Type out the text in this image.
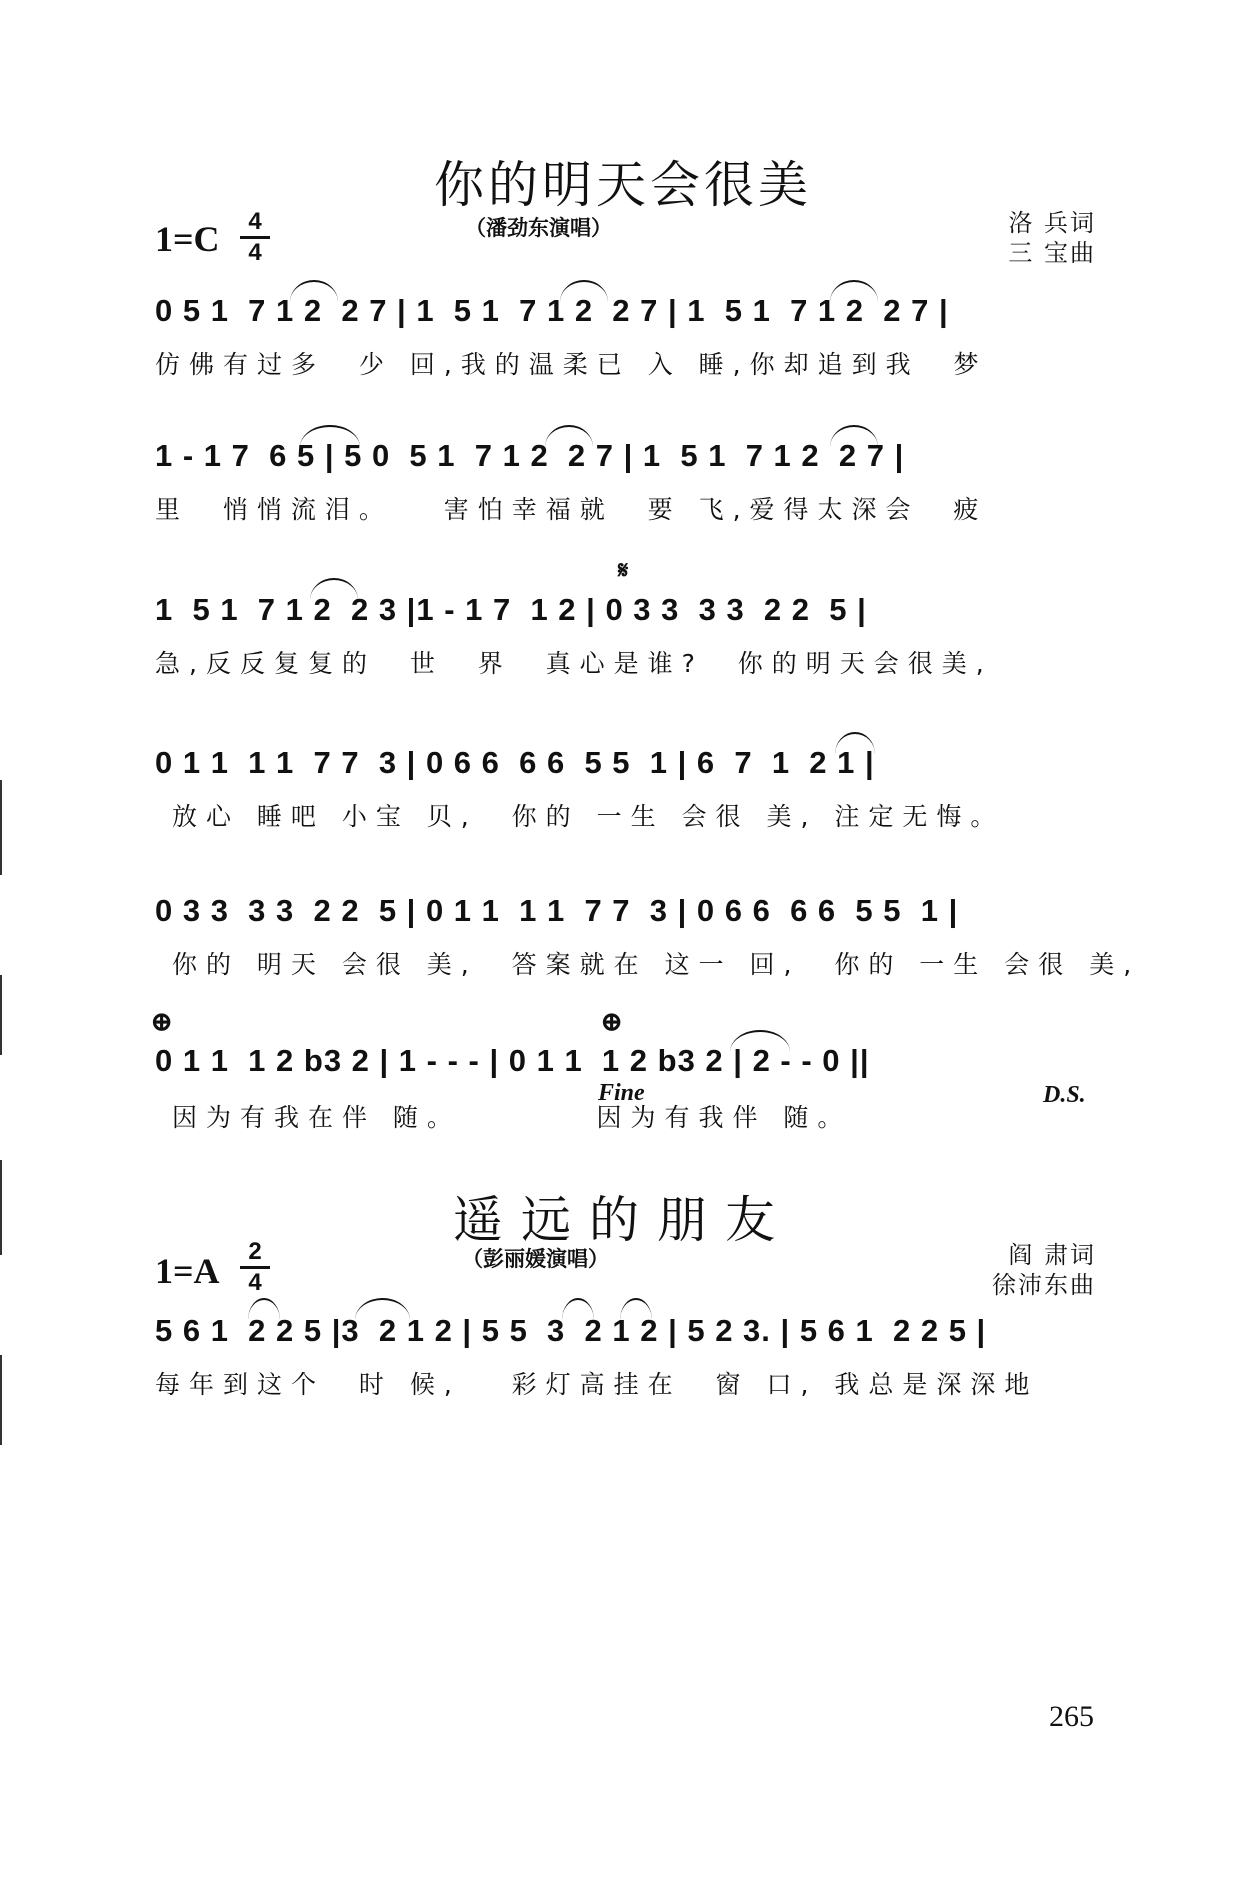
你的明天会很美
1=C	4
4
（潘劲东演唱）	洛 兵词
三 宝曲
0 5 1  7 1 2  2 7 | 1  5 1  7 1 2  2 7 | 1  5 1  7 1 2  2 7 |
仿佛有过多  少 回,我的温柔已 入 睡,你却追到我  梦
1 - 1 7  6 5 | 5 0  5 1  7 1 2  2 7 | 1  5 1  7 1 2  2 7 |
里  悄悄流泪。   害怕幸福就  要 飞,爱得太深会  疲
𝄋
1  5 1  7 1 2  2 3 |1 - 1 7  1 2 | 0 3 3  3 3  2 2  5 |
急,反反复复的  世  界  真心是谁?  你的明天会很美,
0 1 1  1 1  7 7  3 | 0 6 6  6 6  5 5  1 | 6  7  1  2 1 |
放心 睡吧 小宝 贝,  你的 一生 会很 美, 注定无悔。
0 3 3  3 3  2 2  5 | 0 1 1  1 1  7 7  3 | 0 6 6  6 6  5 5  1 |
你的 明天 会很 美,  答案就在 这一 回,  你的 一生 会很 美,
⊕	⊕
0 1 1  1 2 b3 2 | 1 - - - | 0 1 1  1 2 b3 2 | 2 - - 0 ||
Fine	D.S.
因为有我在伴 随。        因为有我伴 随。
遥远的朋友
1=A	2
4
（彭丽媛演唱）	阎 肃词
徐沛东曲
5 6 1  2 2 5 |3  2 1 2 | 5 5  3  2 1 2 | 5 2 3. | 5 6 1  2 2 5 |
每年到这个  时 候,   彩灯高挂在  窗 口, 我总是深深地
265
